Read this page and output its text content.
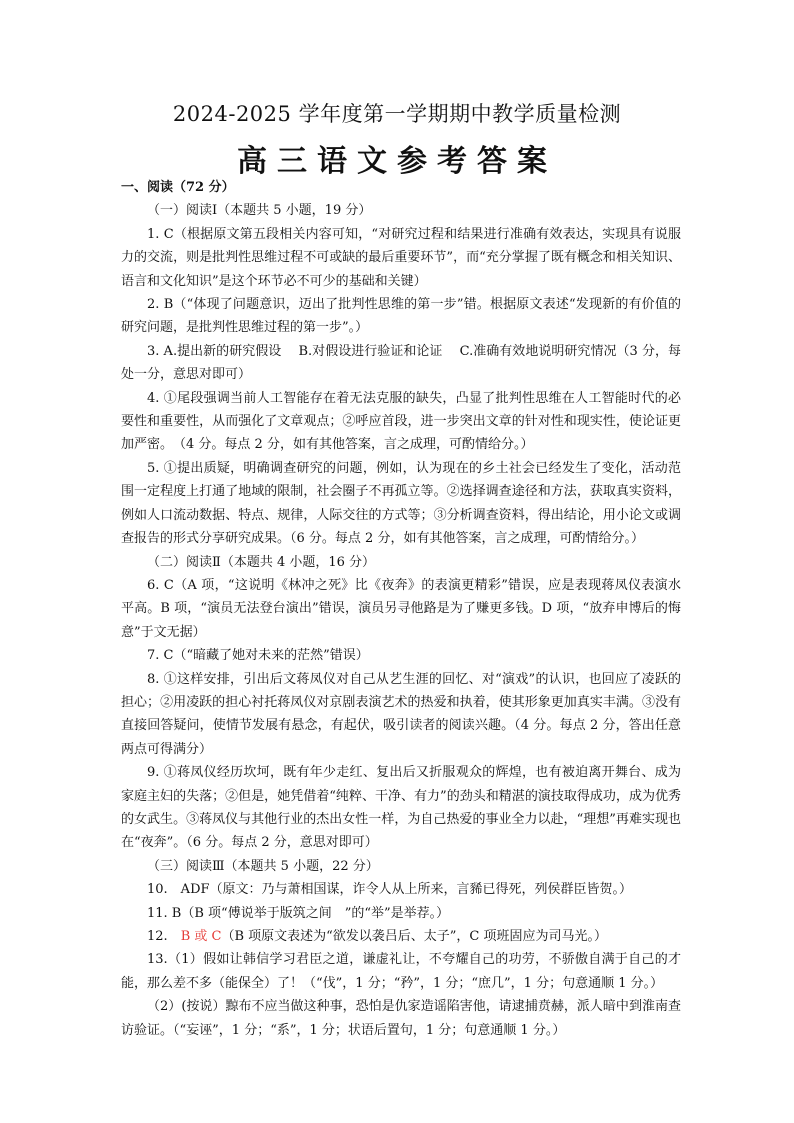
2024-2025 学年度第一学期期中教学质量检测
高三语文参考答案

一、阅读（72 分）

（一）阅读Ⅰ（本题共 5 小题，19 分）

1. C（根据原文第五段相关内容可知，“对研究过程和结果进行准确有效表达，实现具有说服力的交流，则是批判性思维过程不可或缺的最后重要环节”，而“充分掌握了既有概念和相关知识、语言和文化知识”是这个环节必不可少的基础和关键）

2. B（“体现了问题意识，迈出了批判性思维的第一步”错。根据原文表述“发现新的有价值的研究问题，是批判性思维过程的第一步”。）

3. A.提出新的研究假设　 B.对假设进行验证和论证　 C.准确有效地说明研究情况（3 分，每处一分，意思对即可）

4. ①尾段强调当前人工智能存在着无法克服的缺失，凸显了批判性思维在人工智能时代的必要性和重要性，从而强化了文章观点；②呼应首段，进一步突出文章的针对性和现实性，使论证更加严密。　（4 分。每点 2 分，如有其他答案，言之成理，可酌情给分。）

5. ①提出质疑，明确调查研究的问题，例如，认为现在的乡土社会已经发生了变化，活动范围一定程度上打通了地域的限制，社会圈子不再孤立等。②选择调查途径和方法，获取真实资料，例如人口流动数据、特点、规律，人际交往的方式等；③分析调查资料，得出结论，用小论文或调查报告的形式分享研究成果。（6 分。每点 2 分，如有其他答案，言之成理，可酌情给分。）

（二）阅读Ⅱ（本题共 4 小题，16 分）

6. C（A 项，“这说明《林冲之死》比《夜奔》的表演更精彩”错误，应是表现蒋凤仪表演水平高。B 项，“演员无法登台演出”错误，演员另寻他路是为了赚更多钱。D 项，“放弃申博后的悔意”于文无据）

7. C（“暗藏了她对未来的茫然”错误）

8. ①这样安排，引出后文蒋凤仪对自己从艺生涯的回忆、对“演戏”的认识，也回应了凌跃的担心；②用凌跃的担心衬托蒋凤仪对京剧表演艺术的热爱和执着，使其形象更加真实丰满。③没有直接回答疑问，使情节发展有悬念，有起伏，吸引读者的阅读兴趣。（4 分。每点 2 分，答出任意两点可得满分）

9. ①蒋凤仪经历坎坷，既有年少走红、复出后又折服观众的辉煌，也有被迫离开舞台、成为家庭主妇的失落；②但是，她凭借着“纯粹、干净、有力”的劲头和精湛的演技取得成功，成为优秀的女武生。③蒋凤仪与其他行业的杰出女性一样，为自己热爱的事业全力以赴，“理想”再难实现也在“夜奔”。（6 分。每点 2 分，意思对即可）

（三）阅读Ⅲ（本题共 5 小题，22 分）

10.　ADF（原文：乃与萧相国谋，诈令人从上所来，言豨已得死，列侯群臣皆贺。）

11. B（B 项“傅说举于版筑之间　”的“举”是举荐。）

12.　B 或 C（B 项原文表述为“欲发以袭吕后、太子”，C 项班固应为司马光。）

13.（1）假如让韩信学习君臣之道，谦虚礼让，不夸耀自己的功劳，不骄傲自满于自己的才能，那么差不多（能保全）了！（“伐”，1 分；“矜”，1 分；“庶几”，1 分；句意通顺 1 分。）

（2）(按说）黥布不应当做这种事，恐怕是仇家造谣陷害他，请逮捕贲赫，派人暗中到淮南查访验证。（“妄诬”，1 分；“系”，1 分；状语后置句，1 分；句意通顺 1 分。）
